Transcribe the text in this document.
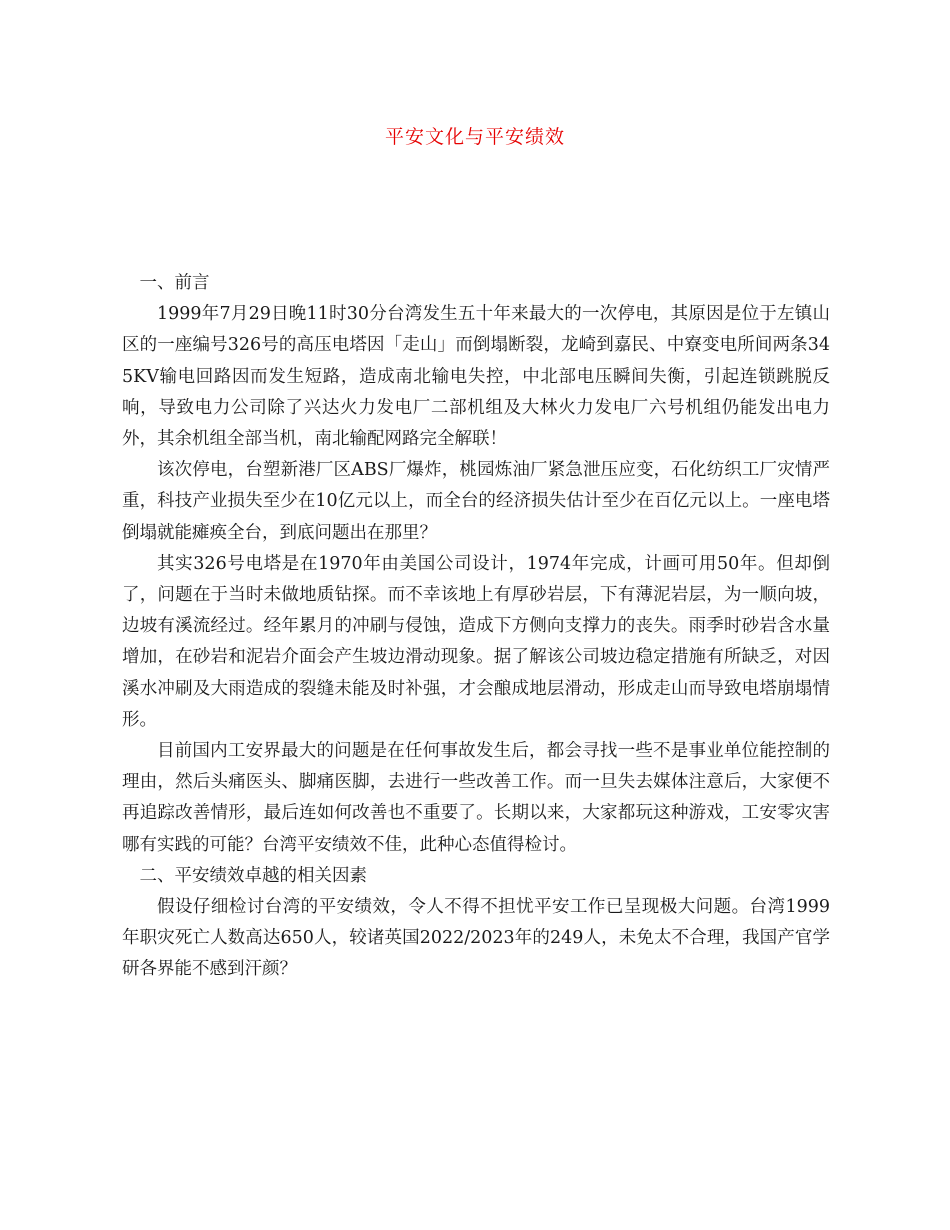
平安文化与平安绩效

一、前言

1999年7月29日晚11时30分台湾发生五十年来最大的一次停电，其原因是位于左镇山区的一座编号326号的高压电塔因「走山」而倒塌断裂，龙崎到嘉民、中寮变电所间两条345KV输电回路因而发生短路，造成南北输电失控，中北部电压瞬间失衡，引起连锁跳脱反响，导致电力公司除了兴达火力发电厂二部机组及大林火力发电厂六号机组仍能发出电力外，其余机组全部当机，南北输配网路完全解联！

该次停电，台塑新港厂区ABS厂爆炸，桃园炼油厂紧急泄压应变，石化纺织工厂灾情严重，科技产业损失至少在10亿元以上，而全台的经济损失估计至少在百亿元以上。一座电塔倒塌就能瘫痪全台，到底问题出在那里？

其实326号电塔是在1970年由美国公司设计，1974年完成，计画可用50年。但却倒了，问题在于当时未做地质钻探。而不幸该地上有厚砂岩层，下有薄泥岩层，为一顺向坡，边坡有溪流经过。经年累月的冲刷与侵蚀，造成下方侧向支撑力的丧失。雨季时砂岩含水量增加，在砂岩和泥岩介面会产生坡边滑动现象。据了解该公司坡边稳定措施有所缺乏，对因溪水冲刷及大雨造成的裂缝未能及时补强，才会酿成地层滑动，形成走山而导致电塔崩塌情形。

目前国内工安界最大的问题是在任何事故发生后，都会寻找一些不是事业单位能控制的理由，然后头痛医头、脚痛医脚，去进行一些改善工作。而一旦失去媒体注意后，大家便不再追踪改善情形，最后连如何改善也不重要了。长期以来，大家都玩这种游戏，工安零灾害哪有实践的可能？台湾平安绩效不佳，此种心态值得检讨。

二、平安绩效卓越的相关因素

假设仔细检讨台湾的平安绩效，令人不得不担忧平安工作已呈现极大问题。台湾1999年职灾死亡人数高达650人，较诸英国2022/2023年的249人，未免太不合理，我国产官学研各界能不感到汗颜？
